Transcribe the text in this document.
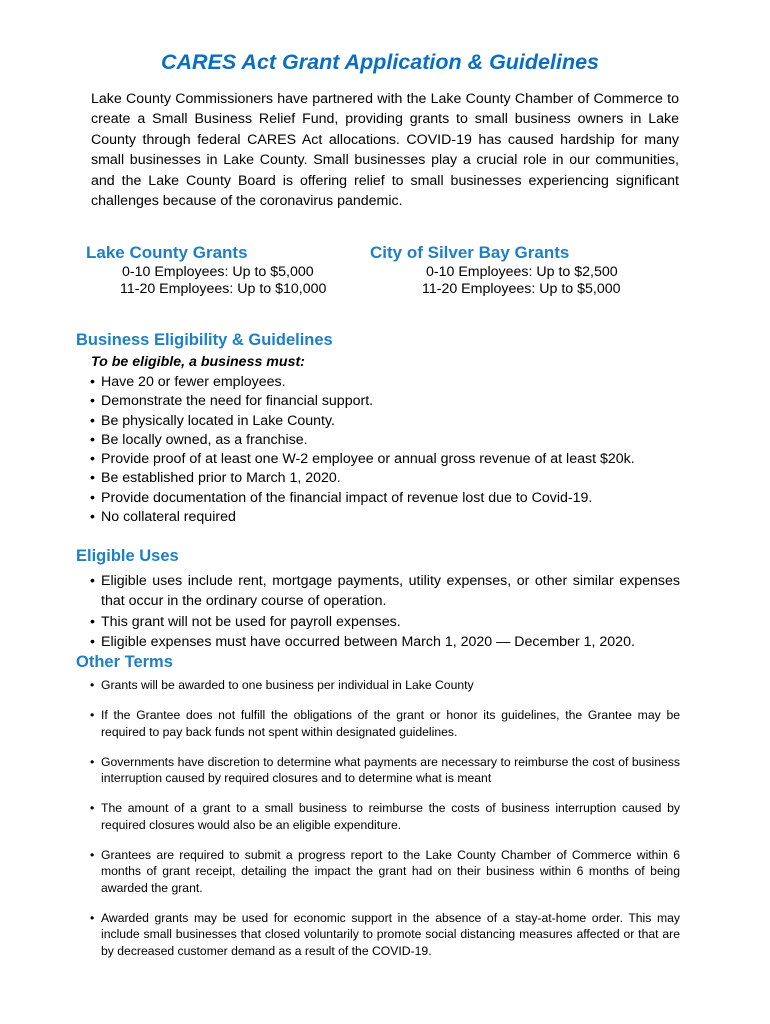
CARES Act Grant Application & Guidelines

Lake County Commissioners have partnered with the Lake County Chamber of Commerce to create a Small Business Relief Fund, providing grants to small business owners in Lake County through federal CARES Act allocations. COVID-19 has caused hardship for many small businesses in Lake County. Small businesses play a crucial role in our communities, and the Lake County Board is offering relief to small businesses experiencing significant challenges because of the coronavirus pandemic.

Lake County Grants
0-10 Employees: Up to $5,000
11-20 Employees: Up to $10,000
City of Silver Bay Grants
0-10 Employees: Up to $2,500
11-20 Employees: Up to $5,000
Business Eligibility & Guidelines
To be eligible, a business must:
• Have 20 or fewer employees.
• Demonstrate the need for financial support.
• Be physically located in Lake County.
• Be locally owned, as a franchise.
• Provide proof of at least one W-2 employee or annual gross revenue of at least $20k.
• Be established prior to March 1, 2020.
• Provide documentation of the financial impact of revenue lost due to Covid-19.
• No collateral required
Eligible Uses
• Eligible uses include rent, mortgage payments, utility expenses, or other similar expenses that occur in the ordinary course of operation.
• This grant will not be used for payroll expenses.
• Eligible expenses must have occurred between March 1, 2020 — December 1, 2020.
Other Terms
• Grants will be awarded to one business per individual in Lake County
• If the Grantee does not fulfill the obligations of the grant or honor its guidelines, the Grantee may be required to pay back funds not spent within designated guidelines.
• Governments have discretion to determine what payments are necessary to reimburse the cost of business interruption caused by required closures and to determine what is meant
• The amount of a grant to a small business to reimburse the costs of business interruption caused by required closures would also be an eligible expenditure.
• Grantees are required to submit a progress report to the Lake County Chamber of Commerce within 6 months of grant receipt, detailing the impact the grant had on their business within 6 months of being awarded the grant.
• Awarded grants may be used for economic support in the absence of a stay-at-home order. This may include small businesses that closed voluntarily to promote social distancing measures affected or that are by decreased customer demand as a result of the COVID-19.
